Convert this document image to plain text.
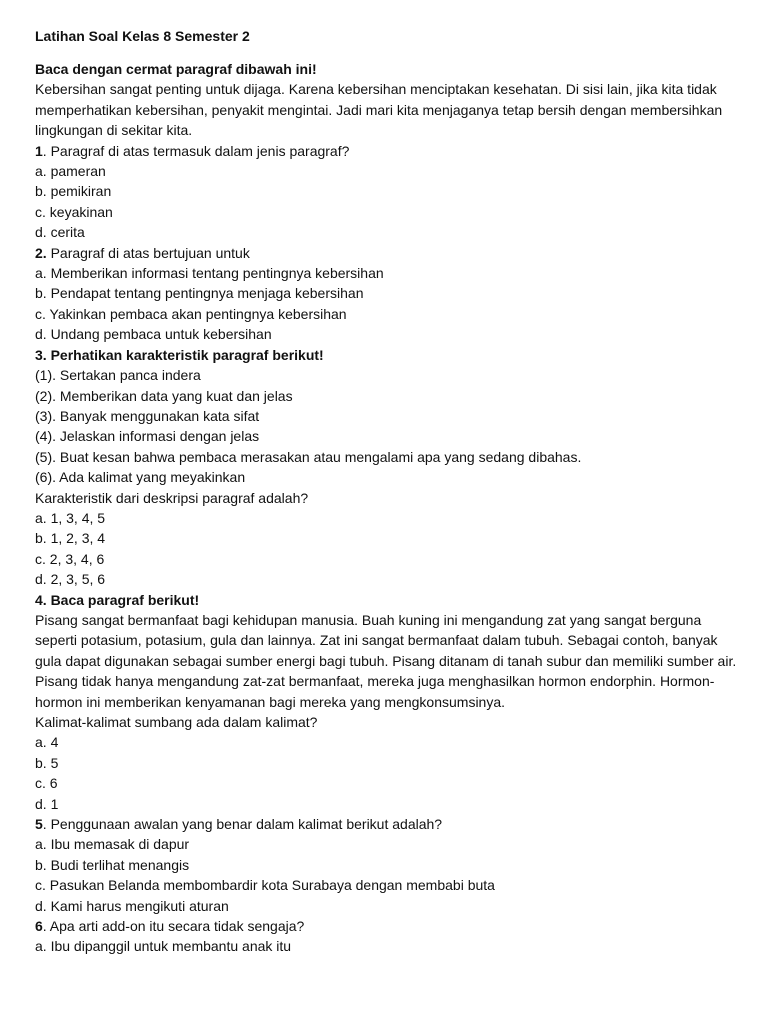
Latihan Soal Kelas 8 Semester 2
Baca dengan cermat paragraf dibawah ini!
Kebersihan sangat penting untuk dijaga. Karena kebersihan menciptakan kesehatan. Di sisi lain, jika kita tidak memperhatikan kebersihan, penyakit mengintai. Jadi mari kita menjaganya tetap bersih dengan membersihkan lingkungan di sekitar kita.
1. Paragraf di atas termasuk dalam jenis paragraf?
a. pameran
b. pemikiran
c. keyakinan
d. cerita
2. Paragraf di atas bertujuan untuk
a. Memberikan informasi tentang pentingnya kebersihan
b. Pendapat tentang pentingnya menjaga kebersihan
c. Yakinkan pembaca akan pentingnya kebersihan
d. Undang pembaca untuk kebersihan
3. Perhatikan karakteristik paragraf berikut!
(1). Sertakan panca indera
(2). Memberikan data yang kuat dan jelas
(3). Banyak menggunakan kata sifat
(4). Jelaskan informasi dengan jelas
(5). Buat kesan bahwa pembaca merasakan atau mengalami apa yang sedang dibahas.
(6). Ada kalimat yang meyakinkan
Karakteristik dari deskripsi paragraf adalah?
a. 1, 3, 4, 5
b. 1, 2, 3, 4
c. 2, 3, 4, 6
d. 2, 3, 5, 6
4. Baca paragraf berikut!
Pisang sangat bermanfaat bagi kehidupan manusia. Buah kuning ini mengandung zat yang sangat berguna seperti potasium, potasium, gula dan lainnya. Zat ini sangat bermanfaat dalam tubuh. Sebagai contoh, banyak gula dapat digunakan sebagai sumber energi bagi tubuh. Pisang ditanam di tanah subur dan memiliki sumber air. Pisang tidak hanya mengandung zat-zat bermanfaat, mereka juga menghasilkan hormon endorphin. Hormon-hormon ini memberikan kenyamanan bagi mereka yang mengkonsumsinya.
Kalimat-kalimat sumbang ada dalam kalimat?
a. 4
b. 5
c. 6
d. 1
5. Penggunaan awalan yang benar dalam kalimat berikut adalah?
a. Ibu memasak di dapur
b. Budi terlihat menangis
c. Pasukan Belanda membombardir kota Surabaya dengan membabi buta
d. Kami harus mengikuti aturan
6. Apa arti add-on itu secara tidak sengaja?
a. Ibu dipanggil untuk membantu anak itu
